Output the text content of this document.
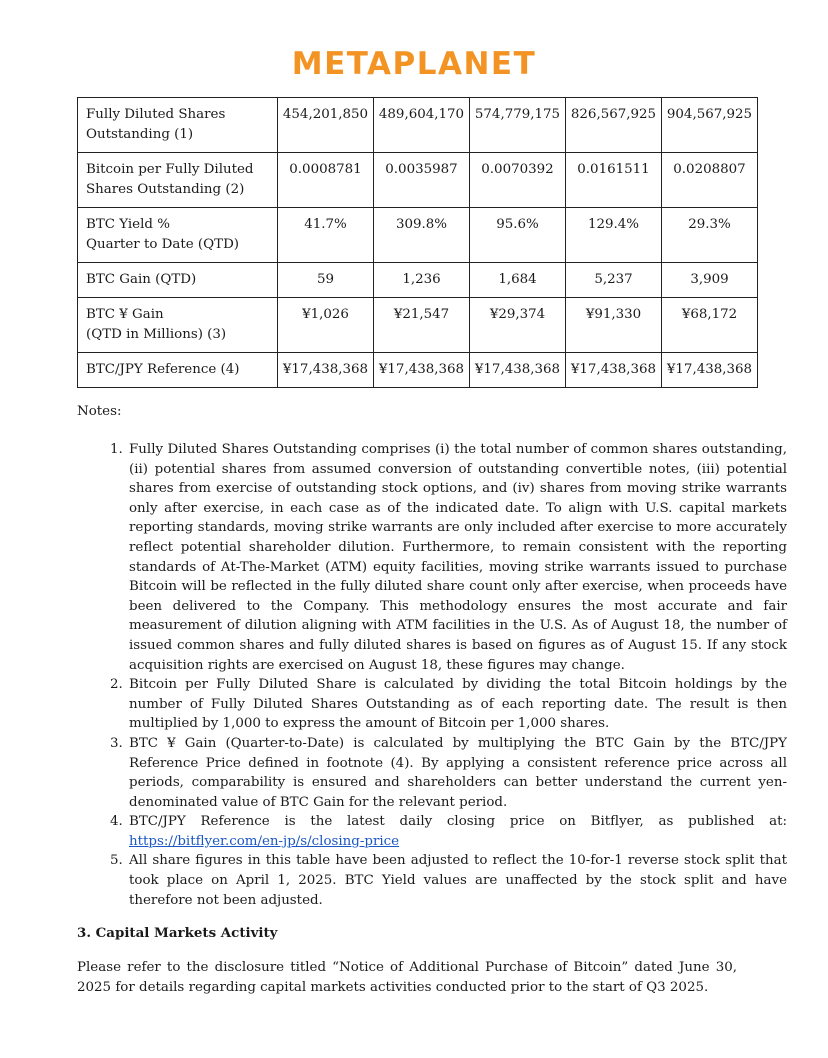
METAPLANET
Fully Diluted Shares
Outstanding (1)	454,201,850	489,604,170	574,779,175	826,567,925	904,567,925
Bitcoin per Fully Diluted
Shares Outstanding (2)	0.0008781	0.0035987	0.0070392	0.0161511	0.0208807
BTC Yield %
Quarter to Date (QTD)	41.7%	309.8%	95.6%	129.4%	29.3%
BTC Gain (QTD)	59	1,236	1,684	5,237	3,909
BTC ¥ Gain
(QTD in Millions) (3)	¥1,026	¥21,547	¥29,374	¥91,330	¥68,172
BTC/JPY Reference (4)	¥17,438,368	¥17,438,368	¥17,438,368	¥17,438,368	¥17,438,368
Notes:
1. Fully Diluted Shares Outstanding comprises (i) the total number of common shares outstanding, (ii) potential shares from assumed conversion of outstanding convertible notes, (iii) potential shares from exercise of outstanding stock options, and (iv) shares from moving strike warrants only after exercise, in each case as of the indicated date. To align with U.S. capital markets reporting standards, moving strike warrants are only included after exercise to more accurately reflect potential shareholder dilution. Furthermore, to remain consistent with the reporting standards of At-The-Market (ATM) equity facilities, moving strike warrants issued to purchase Bitcoin will be reflected in the fully diluted share count only after exercise, when proceeds have been delivered to the Company. This methodology ensures the most accurate and fair measurement of dilution aligning with ATM facilities in the U.S. As of August 18, the number of issued common shares and fully diluted shares is based on figures as of August 15. If any stock acquisition rights are exercised on August 18, these figures may change.
2. Bitcoin per Fully Diluted Share is calculated by dividing the total Bitcoin holdings by the number of Fully Diluted Shares Outstanding as of each reporting date. The result is then multiplied by 1,000 to express the amount of Bitcoin per 1,000 shares.
3. BTC ¥ Gain (Quarter-to-Date) is calculated by multiplying the BTC Gain by the BTC/JPY Reference Price defined in footnote (4). By applying a consistent reference price across all periods, comparability is ensured and shareholders can better understand the current yen-denominated value of BTC Gain for the relevant period.
4. BTC/JPY Reference is the latest daily closing price on Bitflyer, as published at: https://bitflyer.com/en-jp/s/closing-price
5. All share figures in this table have been adjusted to reflect the 10-for-1 reverse stock split that took place on April 1, 2025. BTC Yield values are unaffected by the stock split and have therefore not been adjusted.
3. Capital Markets Activity
Please refer to the disclosure titled “Notice of Additional Purchase of Bitcoin” dated June 30, 2025 for details regarding capital markets activities conducted prior to the start of Q3 2025.
